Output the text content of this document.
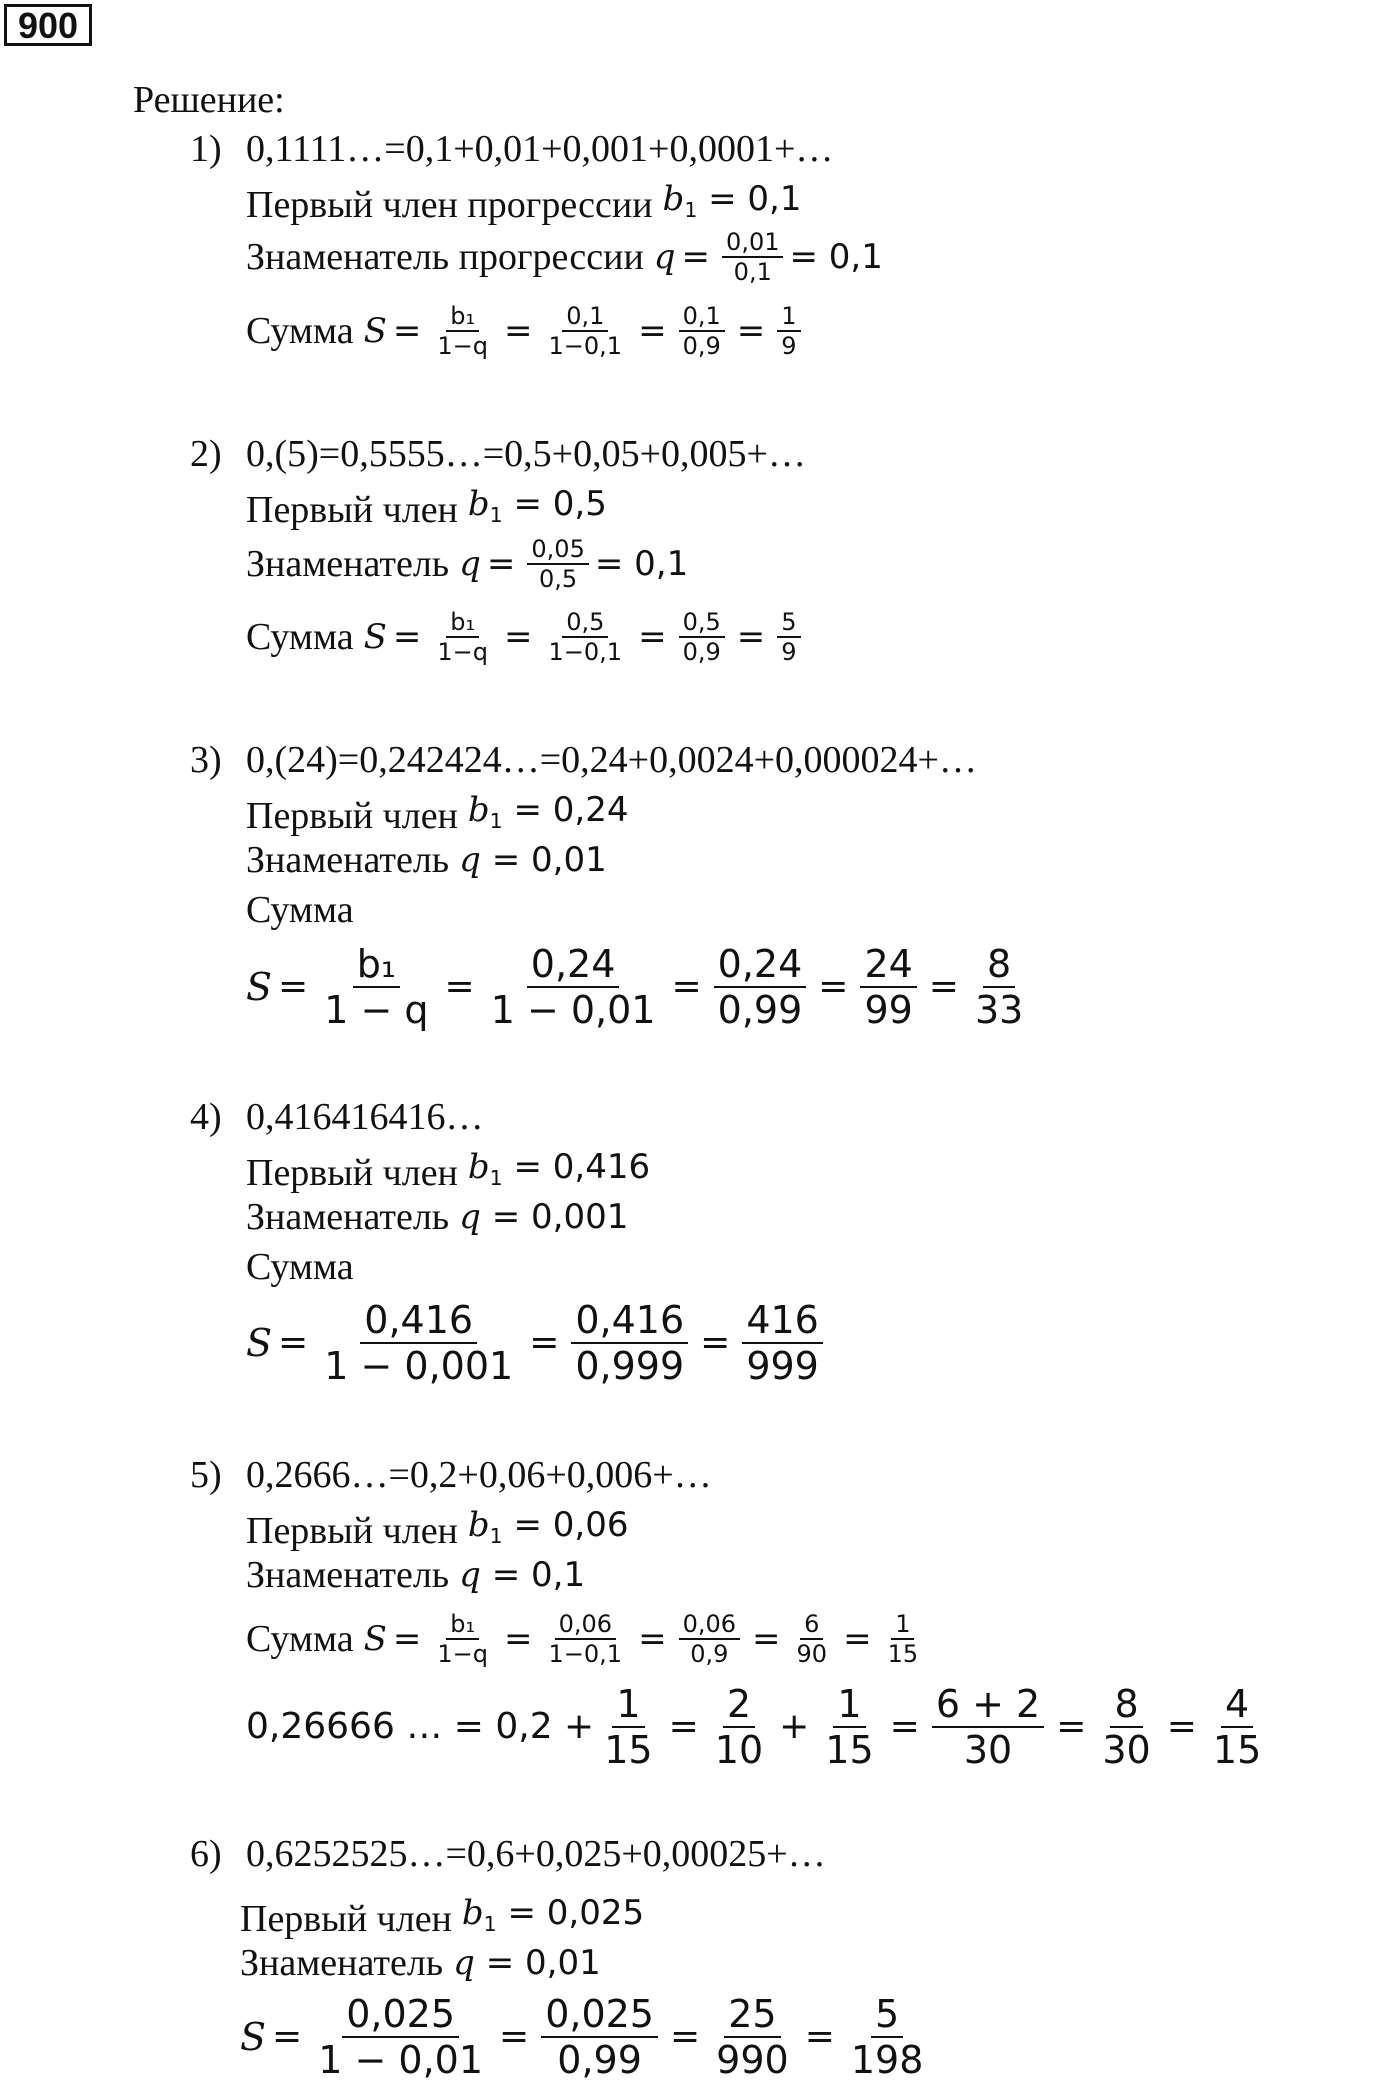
900
Решение:
1) 0,1111…=0,1+0,01+0,001+0,0001+…
Первый член прогрессии $b_1 = 0,1$
Знаменатель прогрессии $q = \frac{0,01}{0,1} = 0,1$
Сумма $S = \frac{\text{b₁}}{1-q} = \frac{0,1}{1-0,1} = \frac{0,1}{0,9} = \frac{1}{9}$
2) 0,(5)=0,5555…=0,5+0,05+0,005+…
Первый член $b_1 = 0,5$
Знаменатель $q = \frac{0,05}{0,5} = 0,1$
Сумма $S = \frac{\text{b₁}}{1-q} = \frac{0,5}{1-0,1} = \frac{0,5}{0,9} = \frac{5}{9}$
3) 0,(24)=0,242424…=0,24+0,0024+0,000024+…
Первый член $b_1 = 0,24$
Знаменатель q = 0,01
Сумма
$S = \frac{\text{b₁}}{1 - q} = \frac{0,24}{1 - 0,01} = \frac{0,24}{0,99} = \frac{24}{99} = \frac{8}{33}$
4) 0,416416416…
Первый член $b_1 = 0,416$
Знаменатель q = 0,001
Сумма
$S = \frac{0,416}{1 - 0,001} = \frac{0,416}{0,999} = \frac{416}{999}$
5) 0,2666…=0,2+0,06+0,006+…
Первый член $b_1 = 0,06$
Знаменатель q = 0,1
Сумма $S = \frac{\text{b₁}}{1-q} = \frac{0,06}{1-0,1} = \frac{0,06}{0,9} = \frac{6}{90} = \frac{1}{15}$
0,26666 … = $0,2 + \frac{1}{15} = \frac{2}{10} + \frac{1}{15} = \frac{6 + 2}{30} = \frac{8}{30} = \frac{4}{15}$
6) 0,6252525…=0,6+0,025+0,00025+…
Первый член $b_1 = 0,025$
Знаменатель q = 0,01
$S = \frac{0,025}{1 - 0,01} = \frac{0,025}{0,99} = \frac{25}{990} = \frac{5}{198}$
